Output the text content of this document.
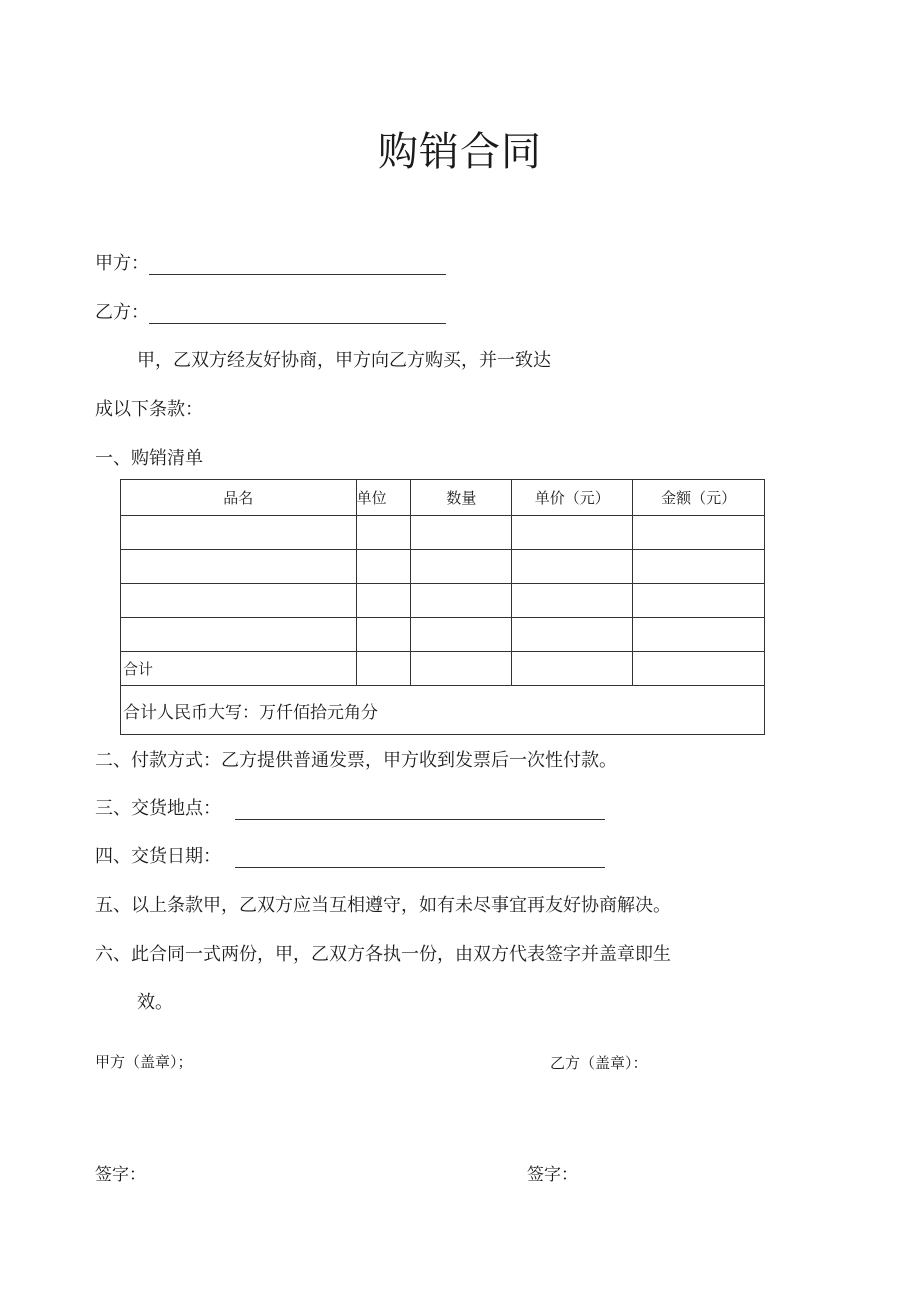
购销合同
甲方：
乙方：
甲，乙双方经友好协商，甲方向乙方购买，并一致达
成以下条款：
一、购销清单
品名	单位	数量	单价（元）	金额（元）

合计				
合计人民币大写：万仟佰拾元角分				
二、付款方式：乙方提供普通发票，甲方收到发票后一次性付款。
三、交货地点：
四、交货日期：
五、以上条款甲，乙双方应当互相遵守，如有未尽事宜再友好协商解决。
六、此合同一式两份，甲，乙双方各执一份，由双方代表签字并盖章即生
效。
甲方（盖章）；	乙方（盖章）：
签字：	签字：
